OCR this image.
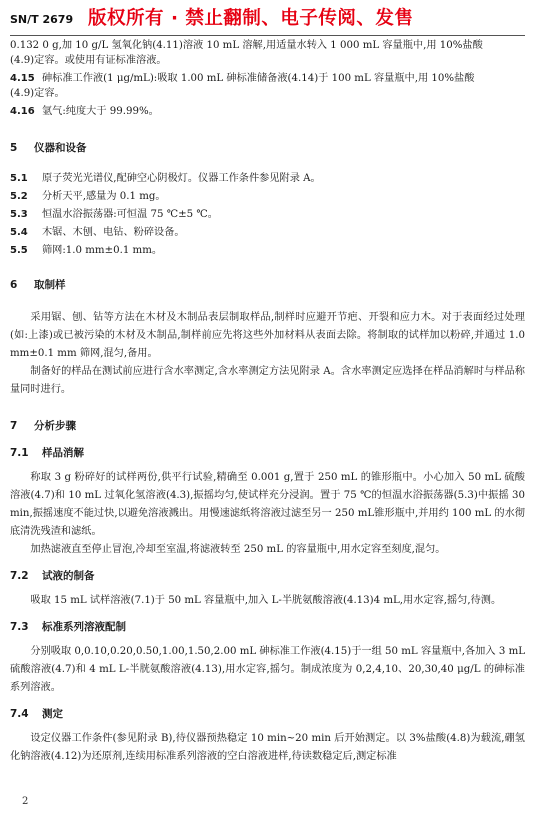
SN/T 2679 版权所有 · 禁止翻制、电子传阅、发售

0.132 0 g,加 10 g/L 氢氧化钠(4.11)溶液 10 mL 溶解,用适量水转入 1 000 mL 容量瓶中,用 10%盐酸

(4.9)定容。或使用有证标准溶液。

4.15 砷标准工作液(1 μg/mL):吸取 1.00 mL 砷标准储备液(4.14)于 100 mL 容量瓶中,用 10%盐酸

(4.9)定容。

4.16 氩气:纯度大于 99.99%。
5 仪器和设备
5.1	原子荧光光谱仪,配砷空心阴极灯。仪器工作条件参见附录 A。
5.2	分析天平,感量为 0.1 mg。
5.3	恒温水浴振荡器:可恒温 75 ℃±5 ℃。
5.4	木锯、木刨、电钻、粉碎设备。
5.5	筛网:1.0 mm±0.1 mm。
6 取制样

采用锯、刨、钻等方法在木材及木制品表层制取样品,制样时应避开节疤、开裂和应力木。对于表面经过处理(如:上漆)或已被污染的木材及木制品,制样前应先将这些外加材料从表面去除。将制取的试样加以粉碎,并通过 1.0 mm±0.1 mm 筛网,混匀,备用。

制备好的样品在测试前应进行含水率测定,含水率测定方法见附录 A。含水率测定应选择在样品消解时与样品称量同时进行。

7 分析步骤
7.1 样品消解

称取 3 g 粉碎好的试样两份,供平行试验,精确至 0.001 g,置于 250 mL 的锥形瓶中。小心加入 50 mL 硫酸溶液(4.7)和 10 mL 过氧化氢溶液(4.3),振摇均匀,使试样充分浸润。置于 75 ℃的恒温水浴振荡器(5.3)中振摇 30 min,振摇速度不能过快,以避免溶液溅出。用慢速滤纸将溶液过滤至另一 250 mL锥形瓶中,并用约 100 mL 的水彻底清洗残渣和滤纸。

加热滤液直至停止冒泡,冷却至室温,将滤液转至 250 mL 的容量瓶中,用水定容至刻度,混匀。

7.2 试液的制备

吸取 15 mL 试样溶液(7.1)于 50 mL 容量瓶中,加入 L-半胱氨酸溶液(4.13)4 mL,用水定容,摇匀,待测。

7.3 标准系列溶液配制

分别吸取 0,0.10,0.20,0.50,1.00,1.50,2.00 mL 砷标准工作液(4.15)于一组 50 mL 容量瓶中,各加入 3 mL 硫酸溶液(4.7)和 4 mL L-半胱氨酸溶液(4.13),用水定容,摇匀。制成浓度为 0,2,4,10、20,30,40 μg/L 的砷标准系列溶液。

7.4 测定

设定仪器工作条件(参见附录 B),待仪器预热稳定 10 min~20 min 后开始测定。以 3%盐酸(4.8)为载流,硼氢化钠溶液(4.12)为还原剂,连续用标准系列溶液的空白溶液进样,待读数稳定后,测定标准

2
